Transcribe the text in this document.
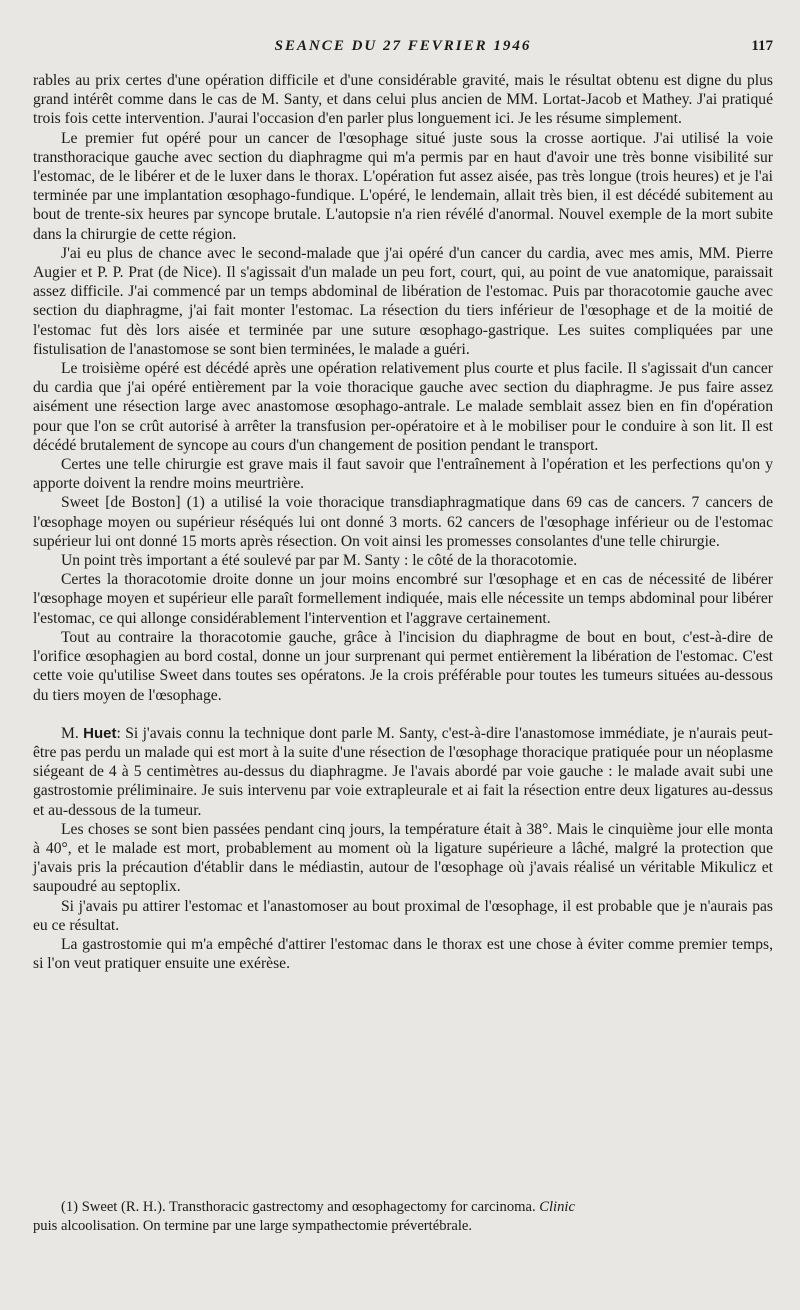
SEANCE DU 27 FEVRIER 1946	117

rables au prix certes d'une opération difficile et d'une considérable gravité, mais le résultat obtenu est digne du plus grand intérêt comme dans le cas de M. Santy, et dans celui plus ancien de MM. Lortat-Jacob et Mathey. J'ai pratiqué trois fois cette intervention. J'aurai l'occasion d'en parler plus longuement ici. Je les résume simplement.

Le premier fut opéré pour un cancer de l'œsophage situé juste sous la crosse aortique. J'ai utilisé la voie transthoracique gauche avec section du diaphragme qui m'a permis par en haut d'avoir une très bonne visibilité sur l'estomac, de le libérer et de le luxer dans le thorax. L'opération fut assez aisée, pas très longue (trois heures) et je l'ai terminée par une implantation œsophago-fundique. L'opéré, le lendemain, allait très bien, il est décédé subitement au bout de trente-six heures par syncope brutale. L'autopsie n'a rien révélé d'anormal. Nouvel exemple de la mort subite dans la chirurgie de cette région.

J'ai eu plus de chance avec le second-malade que j'ai opéré d'un cancer du cardia, avec mes amis, MM. Pierre Augier et P. P. Prat (de Nice). Il s'agissait d'un malade un peu fort, court, qui, au point de vue anatomique, paraissait assez difficile. J'ai commencé par un temps abdominal de libération de l'estomac. Puis par thoracotomie gauche avec section du diaphragme, j'ai fait monter l'estomac. La résection du tiers inférieur de l'œsophage et de la moitié de l'estomac fut dès lors aisée et terminée par une suture œsophago-gastrique. Les suites compliquées par une fistulisation de l'anastomose se sont bien terminées, le malade a guéri.

Le troisième opéré est décédé après une opération relativement plus courte et plus facile. Il s'agissait d'un cancer du cardia que j'ai opéré entièrement par la voie thoracique gauche avec section du diaphragme. Je pus faire assez aisément une résection large avec anastomose œsophago-antrale. Le malade semblait assez bien en fin d'opération pour que l'on se crût autorisé à arrêter la transfusion per-opératoire et à le mobiliser pour le conduire à son lit. Il est décédé brutalement de syncope au cours d'un changement de position pendant le transport.

Certes une telle chirurgie est grave mais il faut savoir que l'entraînement à l'opération et les perfections qu'on y apporte doivent la rendre moins meurtrière.

Sweet [de Boston] (1) a utilisé la voie thoracique transdiaphragmatique dans 69 cas de cancers. 7 cancers de l'œsophage moyen ou supérieur réséqués lui ont donné 3 morts. 62 cancers de l'œsophage inférieur ou de l'estomac supérieur lui ont donné 15 morts après résection. On voit ainsi les promesses consolantes d'une telle chirurgie.

Un point très important a été soulevé par par M. Santy : le côté de la thoracotomie.

Certes la thoracotomie droite donne un jour moins encombré sur l'œsophage et en cas de nécessité de libérer l'œsophage moyen et supérieur elle paraît formellement indiquée, mais elle nécessite un temps abdominal pour libérer l'estomac, ce qui allonge considérablement l'intervention et l'aggrave certainement.

Tout au contraire la thoracotomie gauche, grâce à l'incision du diaphragme de bout en bout, c'est-à-dire de l'orifice œsophagien au bord costal, donne un jour surprenant qui permet entièrement la libération de l'estomac. C'est cette voie qu'utilise Sweet dans toutes ses opératons. Je la crois préférable pour toutes les tumeurs situées au-dessous du tiers moyen de l'œsophage.

M. Huet: Si j'avais connu la technique dont parle M. Santy, c'est-à-dire l'anastomose immédiate, je n'aurais peut-être pas perdu un malade qui est mort à la suite d'une résection de l'œsophage thoracique pratiquée pour un néoplasme siégeant de 4 à 5 centimètres au-dessus du diaphragme. Je l'avais abordé par voie gauche : le malade avait subi une gastrostomie préliminaire. Je suis intervenu par voie extrapleurale et ai fait la résection entre deux ligatures au-dessus et au-dessous de la tumeur.

Les choses se sont bien passées pendant cinq jours, la température était à 38°. Mais le cinquième jour elle monta à 40°, et le malade est mort, probablement au moment où la ligature supérieure a lâché, malgré la protection que j'avais pris la précaution d'établir dans le médiastin, autour de l'œsophage où j'avais réalisé un véritable Mikulicz et saupoudré au septoplix.

Si j'avais pu attirer l'estomac et l'anastomoser au bout proximal de l'œsophage, il est probable que je n'aurais pas eu ce résultat.

La gastrostomie qui m'a empêché d'attirer l'estomac dans le thorax est une chose à éviter comme premier temps, si l'on veut pratiquer ensuite une exérèse.

(1) Sweet (R. H.). Transthoracic gastrectomy and œsophagectomy for carcinoma. Clinic

puis alcoolisation. On termine par une large sympathectomie prévertébrale.
